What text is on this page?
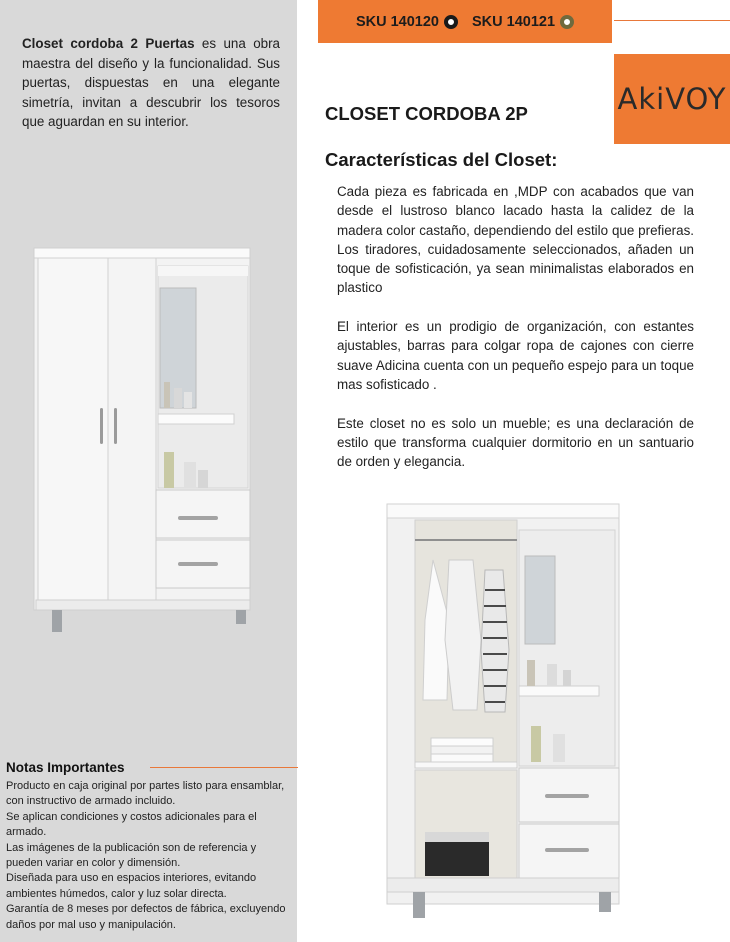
Closet cordoba 2 Puertas es una obra maestra del diseño y la funcionalidad. Sus puertas, dispuestas en una elegante simetría, invitan a descubrir los tesoros que aguardan en su interior.
Notas Importantes

Producto en caja original por partes listo para ensamblar, con instructivo de armado incluido.

Se aplican condiciones y costos adicionales para el armado.

Las imágenes de la publicación son de referencia y pueden variar en color y dimensión.

Diseñada para uso en espacios interiores, evitando ambientes húmedos, calor y luz solar directa.

Garantía de 8 meses por defectos de fábrica, excluyendo daños por mal uso y manipulación.

SKU 140120 SKU 140121
AkiVOY
CLOSET CORDOBA 2P
Características del Closet:

Cada pieza es fabricada en ,MDP con acabados que van desde el lustroso blanco lacado hasta la calidez de la madera color castaño, dependiendo del estilo que prefieras. Los tiradores, cuidadosamente seleccionados, añaden un toque de sofisticación, ya sean minimalistas elaborados en plastico

El interior es un prodigio de organización, con estantes ajustables, barras para colgar ropa de cajones con cierre suave Adicina cuenta con un pequeño espejo para un toque mas sofisticado .

Este closet no es solo un mueble; es una declaración de estilo que transforma cualquier dormitorio en un santuario de orden y elegancia.
